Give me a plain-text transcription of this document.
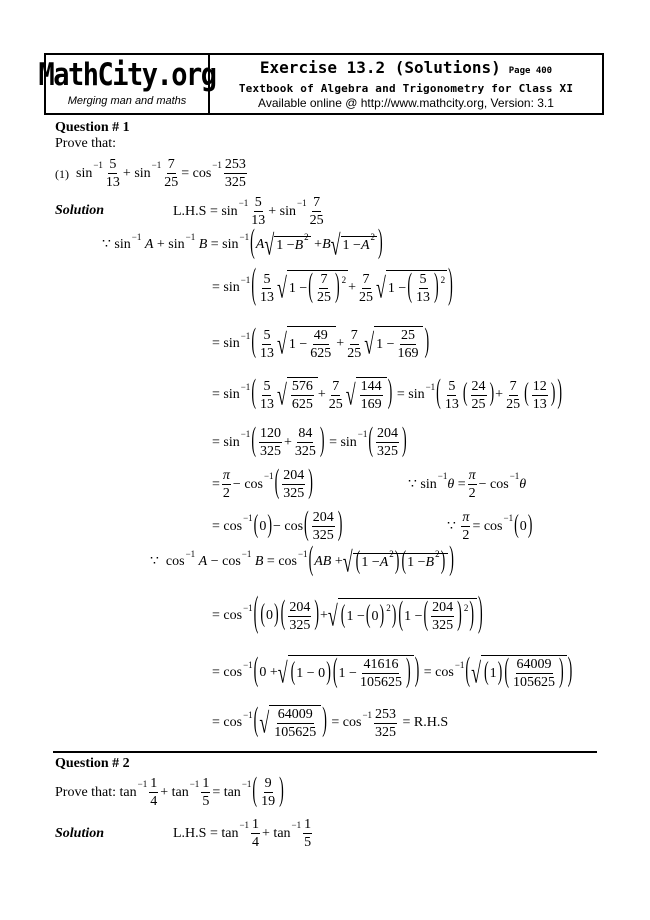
MathCity.org
Merging man and maths
Exercise 13.2 (Solutions) Page 400
Textbook of Algebra and Trigonometry for Class XI
Available online @ http://www.mathcity.org, Version: 3.1
Question # 1
Prove that:
(1) sin
−1 5
13
+ sin
−1 7
25
= cos
−1 253
325
Solution	L.H.S = sin
−1 5
13
+ sin
−1 7
25
∵ sin
−1

A + sin
−1

B = sin
−1 ( A √ 1 − B
2 + B √ 1 − A
2 )
= sin
−1 ( 5
13 √ 1 − ( 7
25 ) 2 +
7
25 √ 1 − ( 5
13 ) 2 )
= sin
−1 ( 5
13 √ 1 −
49
625
+
7
25 √ 1 −
25
169 )
= sin
−1 ( 5
13 √ 576
625
+
7
25 √ 144
169 ) = sin
−1 ( 5
13 ( 24
25 ) +
7
25 ( 12
13 ) )
= sin
−1 ( 120
325
+
84
325 ) = sin
−1 ( 204
325 )
=
π
2
− cos
−1 ( 204
325 )	∵ sin
−1
θ =
π
2
− cos
−1
θ
= cos
−1 ( 0 ) − cos ( 204
325 )	∵
π
2
= cos
−1 ( 0 )
∵  cos
−1

A − cos
−1

B = cos
−1 ( AB + √ ( 1 − A
2 ) ( 1 − B
2 ) )
= cos
−1 ( ( 0 ) ( 204
325 ) + √ ( 1 − ( 0 ) 2 ) ( 1 − ( 204
325 ) 2 ) )
= cos
−1 ( 0 + √ ( 1 − 0 ) ( 1 −
41616
105625 ) ) = cos
−1 ( √ ( 1 ) ( 64009
105625 ) )
= cos
−1 ( √ 64009
105625 ) = cos
−1 253
325
= R.H.S
Question # 2
Prove that: tan
−1 1
4
+ tan
−1 1
5
= tan
−1 ( 9
19 )
Solution	L.H.S = tan
−1 1
4
+ tan
−1 1
5
